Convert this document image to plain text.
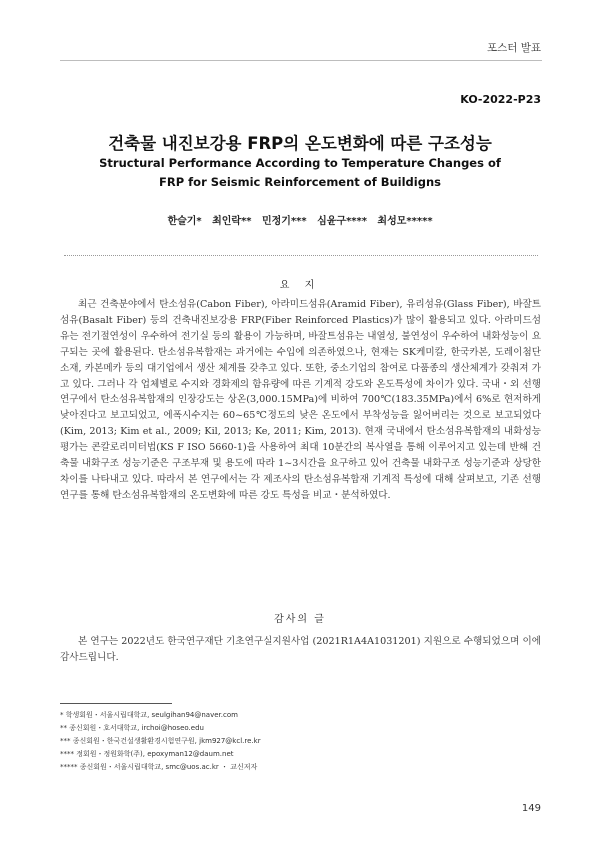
포스터 발표
KO-2022-P23
건축물 내진보강용 FRP의 온도변화에 따른 구조성능
Structural Performance According to Temperature Changes of
FRP for Seismic Reinforcement of Buildigns
한슬기*   최인락**   민정기***   심윤구****   최성모*****
요 지
최근 건축분야에서 탄소섬유(Cabon Fiber), 아라미드섬유(Aramid Fiber), 유리섬유(Glass Fiber), 바잘트섬유(Basalt Fiber) 등의 건축내진보강용 FRP(Fiber Reinforced Plastics)가 많이 활용되고 있다. 아라미드섬유는 전기절연성이 우수하여 전기실 등의 활용이 가능하며, 바잘트섬유는 내열성, 불연성이 우수하여 내화성능이 요구되는 곳에 활용된다. 탄소섬유복합재는 과거에는 수입에 의존하였으나, 현재는 SK케미칼, 한국카본, 도레이첨단소재, 카본메카 등의 대기업에서 생산 체계를 갖추고 있다. 또한, 중소기업의 참여로 다품종의 생산체계가 갖춰져 가고 있다. 그러나 각 업체별로 수지와 경화제의 함유량에 따른 기계적 강도와 온도특성에 차이가 있다. 국내・외 선행연구에서 탄소섬유복합재의 인장강도는 상온(3,000.15MPa)에 비하여 700℃(183.35MPa)에서 6%로 현저하게 낮아진다고 보고되었고, 에폭시수지는 60~65℃정도의 낮은 온도에서 부착성능을 잃어버리는 것으로 보고되었다 (Kim, 2013; Kim et al., 2009; Kil, 2013; Ke, 2011; Kim, 2013). 현재 국내에서 탄소섬유복합재의 내화성능평가는 콘칼로리미터법(KS F ISO 5660-1)을 사용하여 최대 10분간의 복사열을 통해 이루어지고 있는데 반해 건축물 내화구조 성능기준은 구조부재 및 용도에 따라 1~3시간을 요구하고 있어 건축물 내화구조 성능기준과 상당한 차이를 나타내고 있다. 따라서 본 연구에서는 각 제조사의 탄소섬유복합재 기계적 특성에 대해 살펴보고, 기존 선행연구를 통해 탄소섬유복합재의 온도변화에 따른 강도 특성을 비교・분석하였다.
감사의 글
본 연구는 2022년도 한국연구재단 기초연구실지원사업 (2021R1A4A1031201) 지원으로 수행되었으며 이에 감사드립니다.
* 학생회원・서울시립대학교, seulgihan94@naver.com
** 종신회원・호서대학교, irchoi@hoseo.edu
*** 종신회원・한국건설생활환경시험연구원, jkm927@kcl.re.kr
**** 정회원・정원화학(주), epoxyman12@daum.net
***** 종신회원・서울시립대학교, smc@uos.ac.kr ・ 교신저자
149
